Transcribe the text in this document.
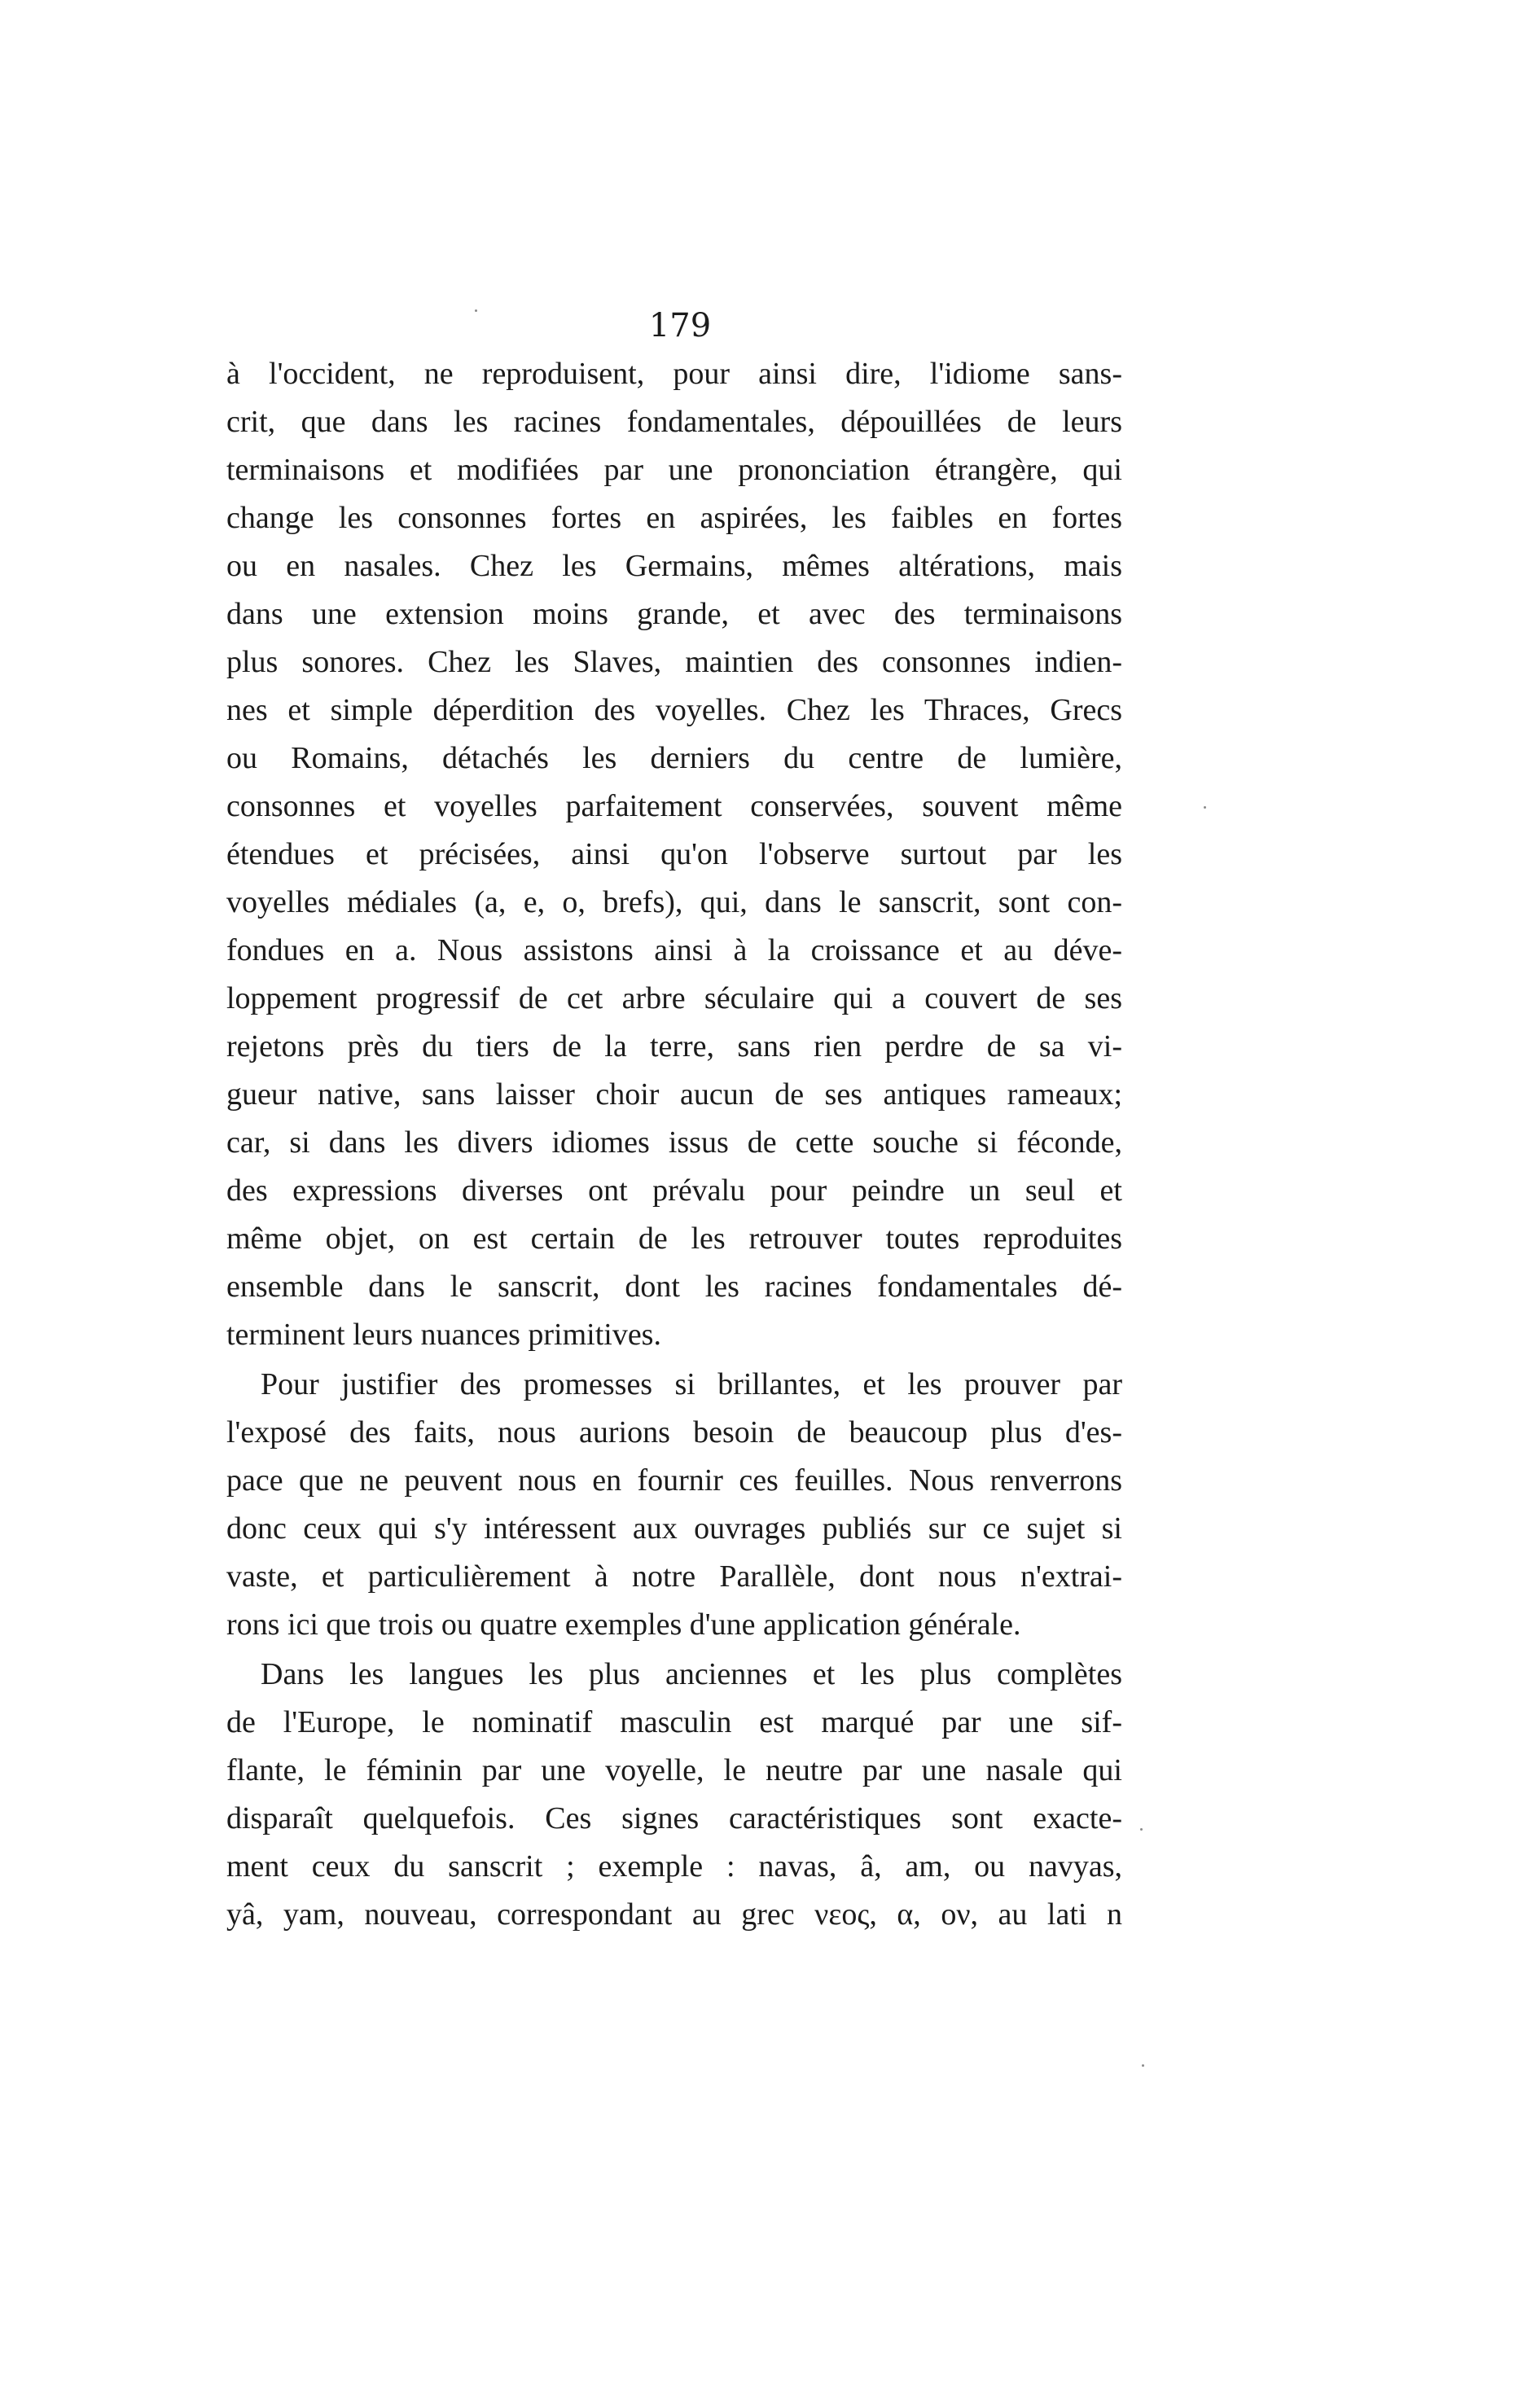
179
à l'occident, ne reproduisent, pour ainsi dire, l'idiome sans-
crit, que dans les racines fondamentales, dépouillées de leurs
terminaisons et modifiées par une prononciation étrangère, qui
change les consonnes fortes en aspirées, les faibles en fortes
ou en nasales. Chez les Germains, mêmes altérations, mais
dans une extension moins grande, et avec des terminaisons
plus sonores. Chez les Slaves, maintien des consonnes indien-
nes et simple déperdition des voyelles. Chez les Thraces, Grecs
ou Romains, détachés les derniers du centre de lumière,
consonnes et voyelles parfaitement conservées, souvent même
étendues et précisées, ainsi qu'on l'observe surtout par les
voyelles médiales (a, e, o, brefs), qui, dans le sanscrit, sont con-
fondues en a. Nous assistons ainsi à la croissance et au déve-
loppement progressif de cet arbre séculaire qui a couvert de ses
rejetons près du tiers de la terre, sans rien perdre de sa vi-
gueur native, sans laisser choir aucun de ses antiques rameaux;
car, si dans les divers idiomes issus de cette souche si féconde,
des expressions diverses ont prévalu pour peindre un seul et
même objet, on est certain de les retrouver toutes reproduites
ensemble dans le sanscrit, dont les racines fondamentales dé-
terminent leurs nuances primitives.
Pour justifier des promesses si brillantes, et les prouver par
l'exposé des faits, nous aurions besoin de beaucoup plus d'es-
pace que ne peuvent nous en fournir ces feuilles. Nous renverrons
donc ceux qui s'y intéressent aux ouvrages publiés sur ce sujet si
vaste, et particulièrement à notre Parallèle, dont nous n'extrai-
rons ici que trois ou quatre exemples d'une application générale.
Dans les langues les plus anciennes et les plus complètes
de l'Europe, le nominatif masculin est marqué par une sif-
flante, le féminin par une voyelle, le neutre par une nasale qui
disparaît quelquefois. Ces signes caractéristiques sont exacte-
ment ceux du sanscrit ; exemple : navas, â, am, ou navyas,
yâ, yam, nouveau, correspondant au grec νεος, α, ον, au lati n
